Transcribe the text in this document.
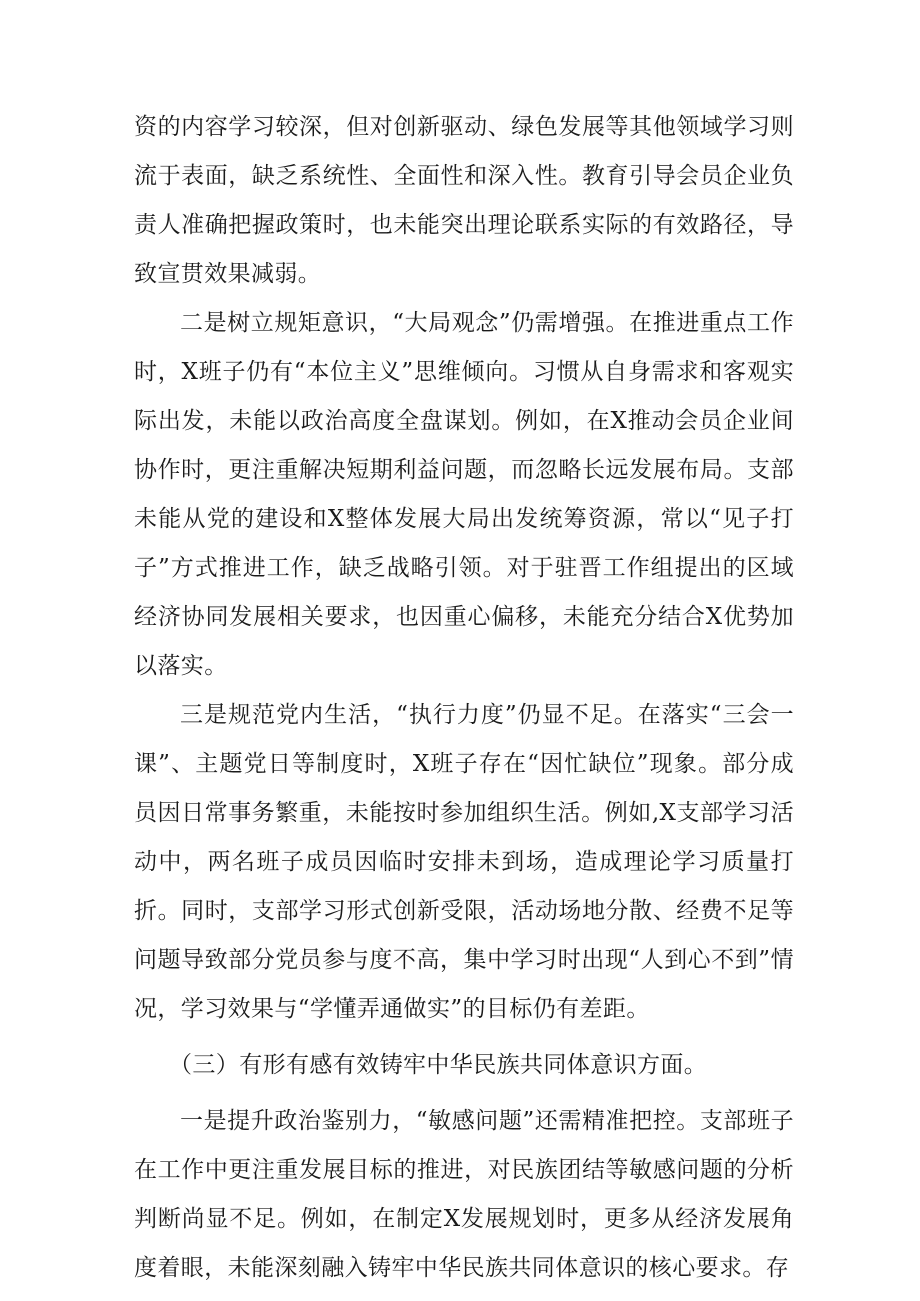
资的内容学习较深，但对创新驱动、绿色发展等其他领域学习则流于表面，缺乏系统性、全面性和深入性。教育引导会员企业负责人准确把握政策时，也未能突出理论联系实际的有效路径，导致宣贯效果减弱。

二是树立规矩意识，“大局观念”仍需增强。在推进重点工作时，X班子仍有“本位主义”思维倾向。习惯从自身需求和客观实际出发，未能以政治高度全盘谋划。例如，在X推动会员企业间协作时，更注重解决短期利益问题，而忽略长远发展布局。支部未能从党的建设和X整体发展大局出发统筹资源，常以“见子打子”方式推进工作，缺乏战略引领。对于驻晋工作组提出的区域经济协同发展相关要求，也因重心偏移，未能充分结合X优势加以落实。

三是规范党内生活，“执行力度”仍显不足。在落实“三会一课”、主题党日等制度时，X班子存在“因忙缺位”现象。部分成员因日常事务繁重，未能按时参加组织生活。例如,X支部学习活动中，两名班子成员因临时安排未到场，造成理论学习质量打折。同时，支部学习形式创新受限，活动场地分散、经费不足等问题导致部分党员参与度不高，集中学习时出现“人到心不到”情况，学习效果与“学懂弄通做实”的目标仍有差距。

（三）有形有感有效铸牢中华民族共同体意识方面。

一是提升政治鉴别力，“敏感问题”还需精准把控。支部班子在工作中更注重发展目标的推进，对民族团结等敏感问题的分析判断尚显不足。例如，在制定X发展规划时，更多从经济发展角度着眼，未能深刻融入铸牢中华民族共同体意识的核心要求。存
